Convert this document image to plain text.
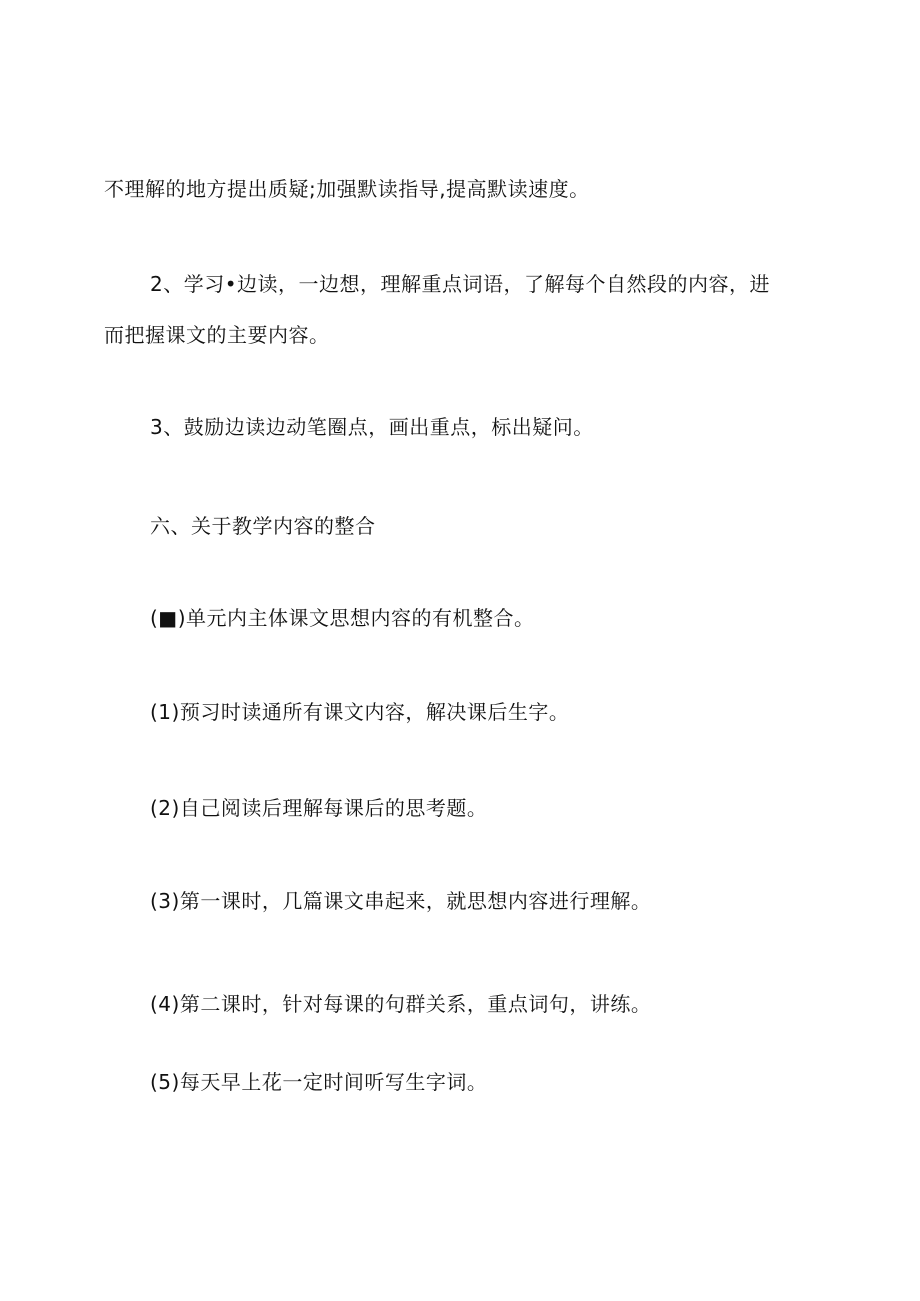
不理解的地方提出质疑;加强默读指导,提高默读速度。
2、学习•边读，一边想，理解重点词语，了解每个自然段的内容，进
而把握课文的主要内容。
3、鼓励边读边动笔圈点，画出重点，标出疑问。
六、关于教学内容的整合
(■)单元内主体课文思想内容的有机整合。
(1)预习时读通所有课文内容，解决课后生字。
(2)自己阅读后理解每课后的思考题。
(3)第一课时，几篇课文串起来，就思想内容进行理解。
(4)第二课时，针对每课的句群关系，重点词句，讲练。
(5)每天早上花一定时间听写生字词。
